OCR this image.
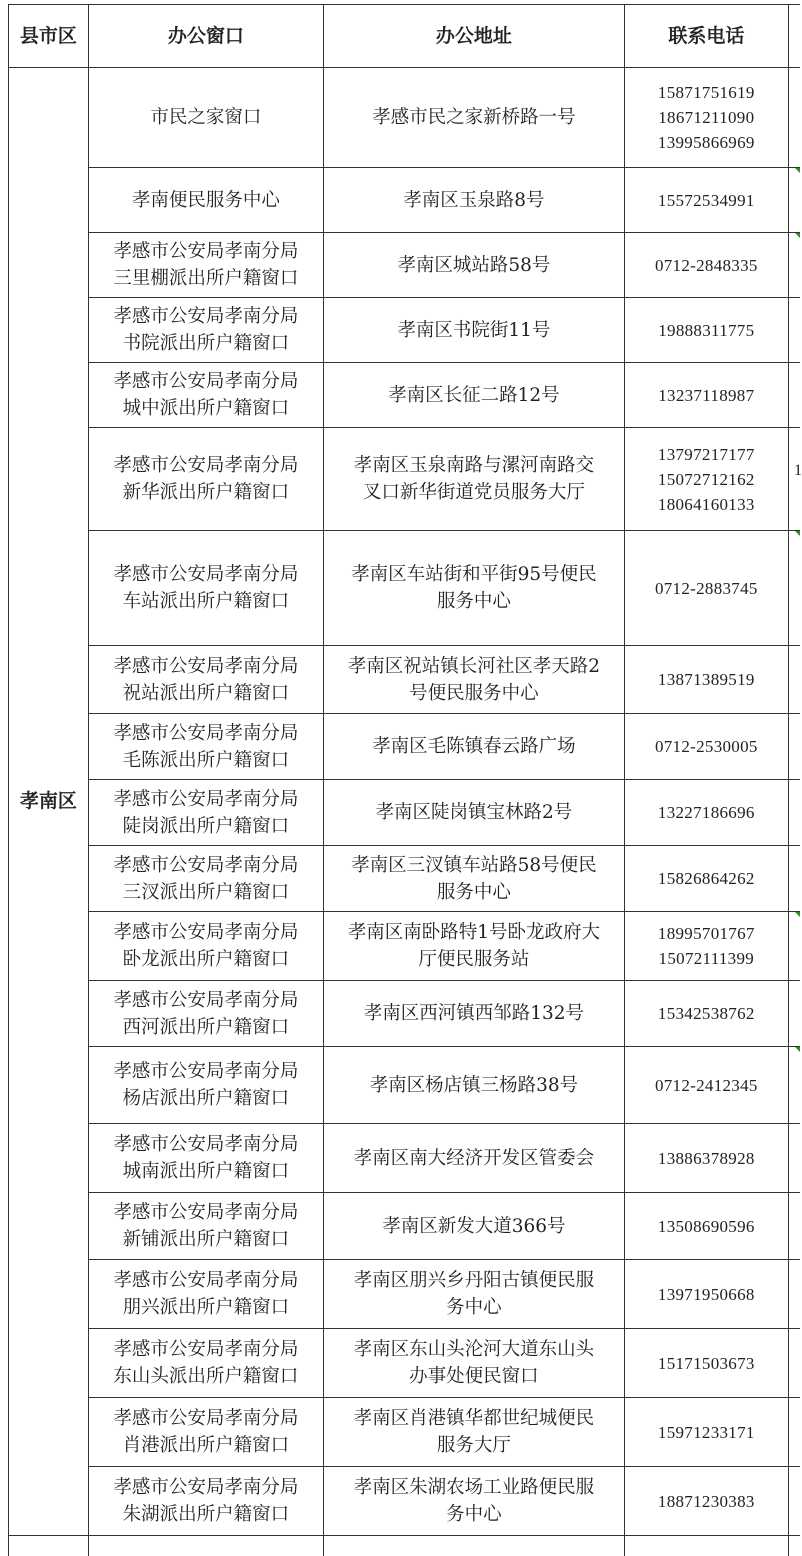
县市区	办公窗口	办公地址	联系电话	
孝南区	市民之家窗口	孝感市民之家新桥路一号	15871751619
18671211090
13995866969	

	孝南便民服务中心	孝南区玉泉路8号	15572534991	

	孝感市公安局孝南分局
三里棚派出所户籍窗口	孝南区城站路58号	0712-2848335	

	孝感市公安局孝南分局
书院派出所户籍窗口	孝南区书院街11号	19888311775	

	孝感市公安局孝南分局
城中派出所户籍窗口	孝南区长征二路12号	13237118987	

	孝感市公安局孝南分局
新华派出所户籍窗口	孝南区玉泉南路与漯河南路交
叉口新华街道党员服务大厅	13797217177
15072712162
18064160133	

	孝感市公安局孝南分局
车站派出所户籍窗口	孝南区车站街和平街95号便民
服务中心	0712-2883745	

	孝感市公安局孝南分局
祝站派出所户籍窗口	孝南区祝站镇长河社区孝天路2
号便民服务中心	13871389519	

	孝感市公安局孝南分局
毛陈派出所户籍窗口	孝南区毛陈镇春云路广场	0712-2530005	

	孝感市公安局孝南分局
陡岗派出所户籍窗口	孝南区陡岗镇宝林路2号	13227186696	

	孝感市公安局孝南分局
三汊派出所户籍窗口	孝南区三汊镇车站路58号便民
服务中心	15826864262	

	孝感市公安局孝南分局
卧龙派出所户籍窗口	孝南区南卧路特1号卧龙政府大
厅便民服务站	18995701767
15072111399	

	孝感市公安局孝南分局
西河派出所户籍窗口	孝南区西河镇西邹路132号	15342538762	

	孝感市公安局孝南分局
杨店派出所户籍窗口	孝南区杨店镇三杨路38号	0712-2412345	

	孝感市公安局孝南分局
城南派出所户籍窗口	孝南区南大经济开发区管委会	13886378928	

	孝感市公安局孝南分局
新铺派出所户籍窗口	孝南区新发大道366号	13508690596	

	孝感市公安局孝南分局
朋兴派出所户籍窗口	孝南区朋兴乡丹阳古镇便民服
务中心	13971950668	

	孝感市公安局孝南分局
东山头派出所户籍窗口	孝南区东山头沦河大道东山头
办事处便民窗口	15171503673	

	孝感市公安局孝南分局
肖港派出所户籍窗口	孝南区肖港镇华都世纪城便民
服务大厅	15971233171	

	孝感市公安局孝南分局
朱湖派出所户籍窗口	孝南区朱湖农场工业路便民服
务中心	18871230383	

1
